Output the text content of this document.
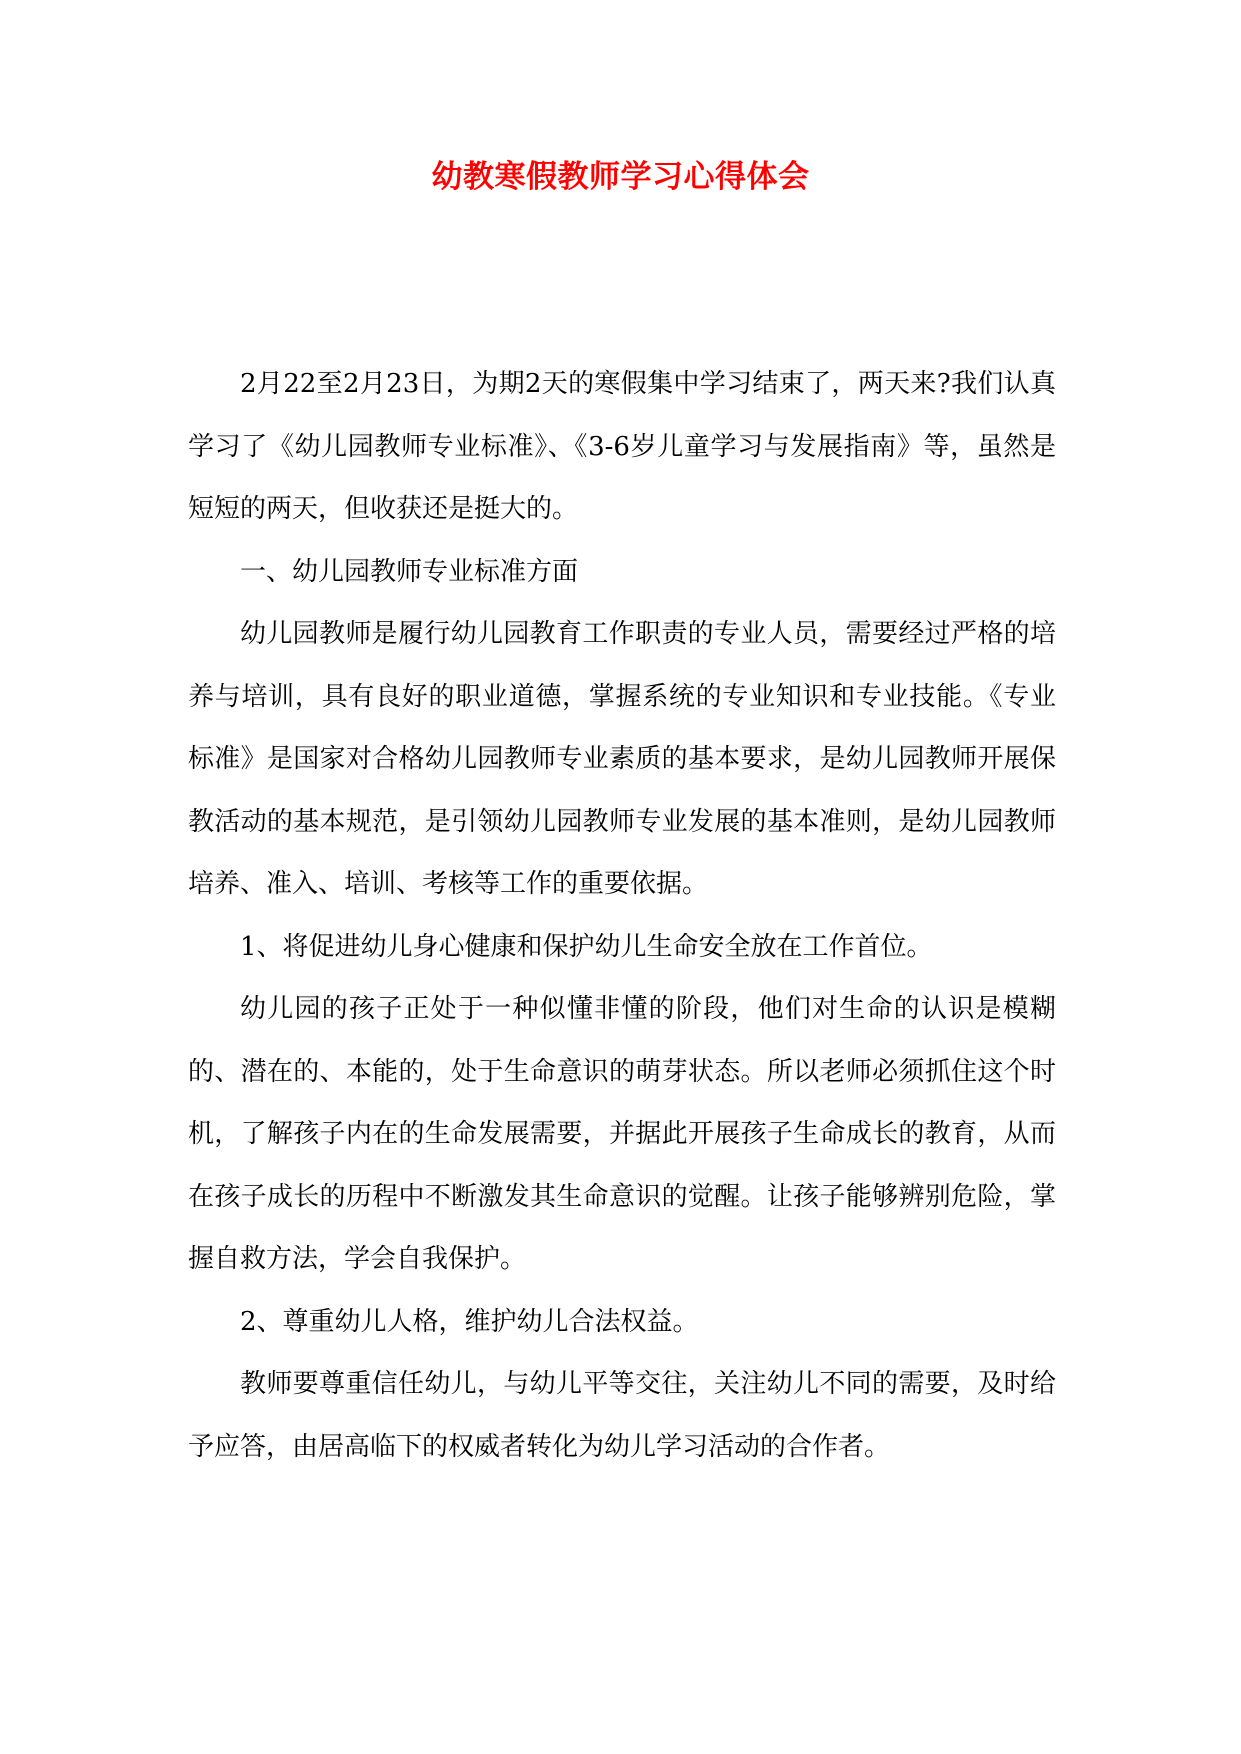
幼教寒假教师学习心得体会

2月22至2月23日，为期2天的寒假集中学习结束了，两天来?我们认真学习了《幼儿园教师专业标准》、《3-6岁儿童学习与发展指南》等，虽然是短短的两天，但收获还是挺大的。

一、幼儿园教师专业标准方面

幼儿园教师是履行幼儿园教育工作职责的专业人员，需要经过严格的培养与培训，具有良好的职业道德，掌握系统的专业知识和专业技能。《专业标准》是国家对合格幼儿园教师专业素质的基本要求，是幼儿园教师开展保教活动的基本规范，是引领幼儿园教师专业发展的基本准则，是幼儿园教师培养、准入、培训、考核等工作的重要依据。

1、将促进幼儿身心健康和保护幼儿生命安全放在工作首位。

幼儿园的孩子正处于一种似懂非懂的阶段，他们对生命的认识是模糊的、潜在的、本能的，处于生命意识的萌芽状态。所以老师必须抓住这个时机，了解孩子内在的生命发展需要，并据此开展孩子生命成长的教育，从而在孩子成长的历程中不断激发其生命意识的觉醒。让孩子能够辨别危险，掌握自救方法，学会自我保护。

2、尊重幼儿人格，维护幼儿合法权益。

教师要尊重信任幼儿，与幼儿平等交往，关注幼儿不同的需要，及时给予应答，由居高临下的权威者转化为幼儿学习活动的合作者。
